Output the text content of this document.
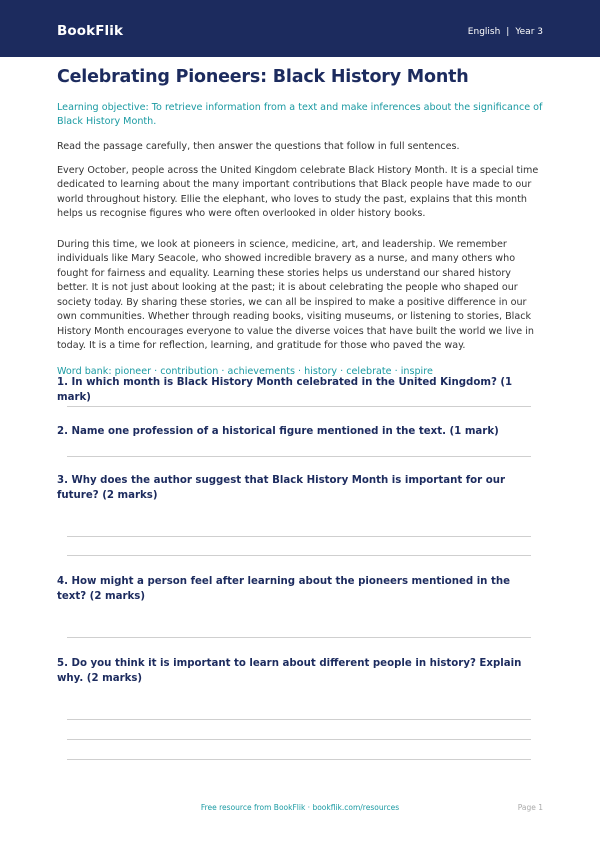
BookFlik	English | Year 3
Celebrating Pioneers: Black History Month
Learning objective: To retrieve information from a text and make inferences about the significance of Black History Month.
Read the passage carefully, then answer the questions that follow in full sentences.
Every October, people across the United Kingdom celebrate Black History Month. It is a special time dedicated to learning about the many important contributions that Black people have made to our world throughout history. Ellie the elephant, who loves to study the past, explains that this month helps us recognise figures who were often overlooked in older history books.
During this time, we look at pioneers in science, medicine, art, and leadership. We remember individuals like Mary Seacole, who showed incredible bravery as a nurse, and many others who fought for fairness and equality. Learning these stories helps us understand our shared history better. It is not just about looking at the past; it is about celebrating the people who shaped our society today. By sharing these stories, we can all be inspired to make a positive difference in our own communities. Whether through reading books, visiting museums, or listening to stories, Black History Month encourages everyone to value the diverse voices that have built the world we live in today. It is a time for reflection, learning, and gratitude for those who paved the way.
Word bank: pioneer · contribution · achievements · history · celebrate · inspire
1. In which month is Black History Month celebrated in the United Kingdom? (1 mark)
2. Name one profession of a historical figure mentioned in the text. (1 mark)
3. Why does the author suggest that Black History Month is important for our future? (2 marks)
4. How might a person feel after learning about the pioneers mentioned in the text? (2 marks)
5. Do you think it is important to learn about different people in history? Explain why. (2 marks)
Free resource from BookFlik · bookflik.com/resources	Page 1
